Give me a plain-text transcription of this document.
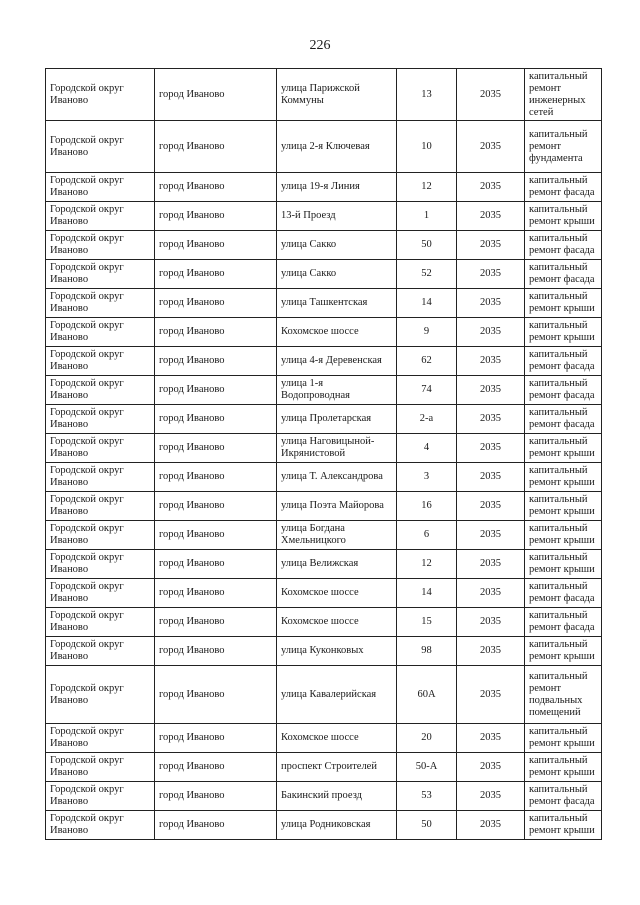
226
Городской округ Иваново	город Иваново	улица Парижской Коммуны	13	2035	капитальный ремонт инженерных сетей
Городской округ Иваново	город Иваново	улица 2-я Ключевая	10	2035	капитальный ремонт фундамента
Городской округ Иваново	город Иваново	улица 19-я Линия	12	2035	капитальный ремонт фасада
Городской округ Иваново	город Иваново	13-й Проезд	1	2035	капитальный ремонт крыши
Городской округ Иваново	город Иваново	улица Сакко	50	2035	капитальный ремонт фасада
Городской округ Иваново	город Иваново	улица Сакко	52	2035	капитальный ремонт фасада
Городской округ Иваново	город Иваново	улица Ташкентская	14	2035	капитальный ремонт крыши
Городской округ Иваново	город Иваново	Кохомское шоссе	9	2035	капитальный ремонт крыши
Городской округ Иваново	город Иваново	улица 4-я Деревенская	62	2035	капитальный ремонт фасада
Городской округ Иваново	город Иваново	улица 1-я Водопроводная	74	2035	капитальный ремонт фасада
Городской округ Иваново	город Иваново	улица Пролетарская	2-а	2035	капитальный ремонт фасада
Городской округ Иваново	город Иваново	улица Наговицыной-Икрянистовой	4	2035	капитальный ремонт крыши
Городской округ Иваново	город Иваново	улица Т. Александрова	3	2035	капитальный ремонт крыши
Городской округ Иваново	город Иваново	улица Поэта Майорова	16	2035	капитальный ремонт крыши
Городской округ Иваново	город Иваново	улица Богдана Хмельницкого	6	2035	капитальный ремонт крыши
Городской округ Иваново	город Иваново	улица Велижская	12	2035	капитальный ремонт крыши
Городской округ Иваново	город Иваново	Кохомское шоссе	14	2035	капитальный ремонт фасада
Городской округ Иваново	город Иваново	Кохомское шоссе	15	2035	капитальный ремонт фасада
Городской округ Иваново	город Иваново	улица Куконковых	98	2035	капитальный ремонт крыши
Городской округ Иваново	город Иваново	улица Кавалерийская	60А	2035	капитальный ремонт подвальных помещений
Городской округ Иваново	город Иваново	Кохомское шоссе	20	2035	капитальный ремонт крыши
Городской округ Иваново	город Иваново	проспект Строителей	50-А	2035	капитальный ремонт крыши
Городской округ Иваново	город Иваново	Бакинский проезд	53	2035	капитальный ремонт фасада
Городской округ Иваново	город Иваново	улица Родниковская	50	2035	капитальный ремонт крыши
